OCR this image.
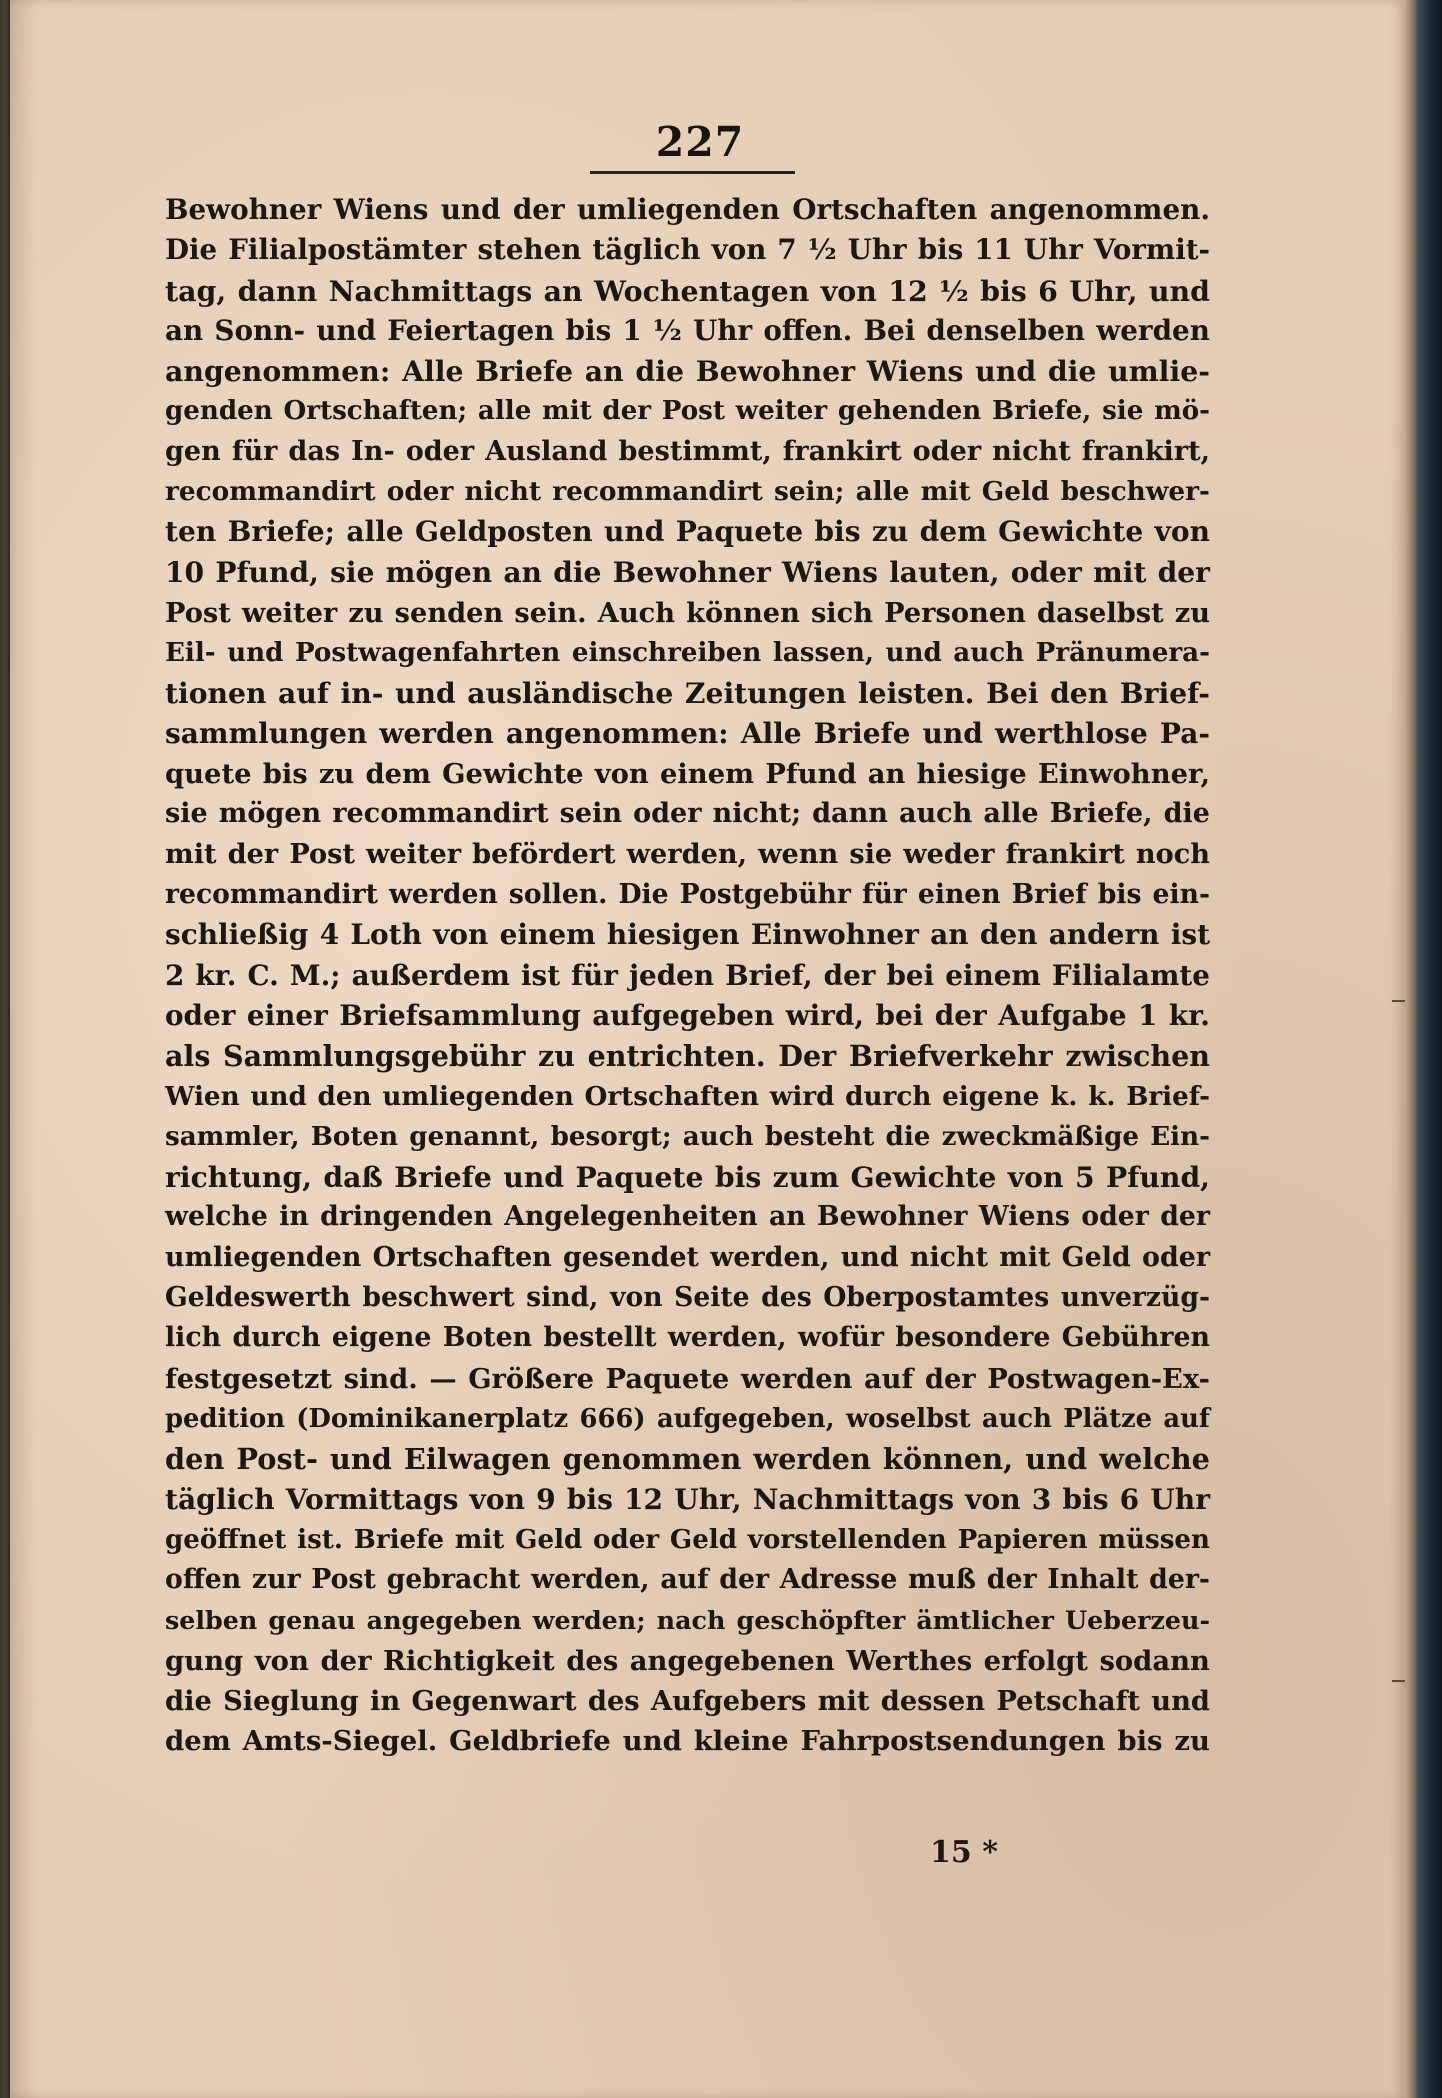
227
Bewohner Wiens und der umliegenden Ortschaften angenommen.
Die Filialpostämter stehen täglich von 7 ½ Uhr bis 11 Uhr Vormit-
tag, dann Nachmittags an Wochentagen von 12 ½ bis 6 Uhr, und
an Sonn- und Feiertagen bis 1 ½ Uhr offen. Bei denselben werden
angenommen: Alle Briefe an die Bewohner Wiens und die umlie-
genden Ortschaften; alle mit der Post weiter gehenden Briefe, sie mö-
gen für das In- oder Ausland bestimmt, frankirt oder nicht frankirt,
recommandirt oder nicht recommandirt sein; alle mit Geld beschwer-
ten Briefe; alle Geldposten und Paquete bis zu dem Gewichte von
10 Pfund, sie mögen an die Bewohner Wiens lauten, oder mit der
Post weiter zu senden sein. Auch können sich Personen daselbst zu
Eil- und Postwagenfahrten einschreiben lassen, und auch Pränumera-
tionen auf in- und ausländische Zeitungen leisten. Bei den Brief-
sammlungen werden angenommen: Alle Briefe und werthlose Pa-
quete bis zu dem Gewichte von einem Pfund an hiesige Einwohner,
sie mögen recommandirt sein oder nicht; dann auch alle Briefe, die
mit der Post weiter befördert werden, wenn sie weder frankirt noch
recommandirt werden sollen. Die Postgebühr für einen Brief bis ein-
schließig 4 Loth von einem hiesigen Einwohner an den andern ist
2 kr. C. M.; außerdem ist für jeden Brief, der bei einem Filialamte
oder einer Briefsammlung aufgegeben wird, bei der Aufgabe 1 kr.
als Sammlungsgebühr zu entrichten. Der Briefverkehr zwischen
Wien und den umliegenden Ortschaften wird durch eigene k. k. Brief-
sammler, Boten genannt, besorgt; auch besteht die zweckmäßige Ein-
richtung, daß Briefe und Paquete bis zum Gewichte von 5 Pfund,
welche in dringenden Angelegenheiten an Bewohner Wiens oder der
umliegenden Ortschaften gesendet werden, und nicht mit Geld oder
Geldeswerth beschwert sind, von Seite des Oberpostamtes unverzüg-
lich durch eigene Boten bestellt werden, wofür besondere Gebühren
festgesetzt sind. — Größere Paquete werden auf der Postwagen-Ex-
pedition (Dominikanerplatz 666) aufgegeben, woselbst auch Plätze auf
den Post- und Eilwagen genommen werden können, und welche
täglich Vormittags von 9 bis 12 Uhr, Nachmittags von 3 bis 6 Uhr
geöffnet ist. Briefe mit Geld oder Geld vorstellenden Papieren müssen
offen zur Post gebracht werden, auf der Adresse muß der Inhalt der-
selben genau angegeben werden; nach geschöpfter ämtlicher Ueberzeu-
gung von der Richtigkeit des angegebenen Werthes erfolgt sodann
die Sieglung in Gegenwart des Aufgebers mit dessen Petschaft und
dem Amts-Siegel. Geldbriefe und kleine Fahrpostsendungen bis zu
15 *
